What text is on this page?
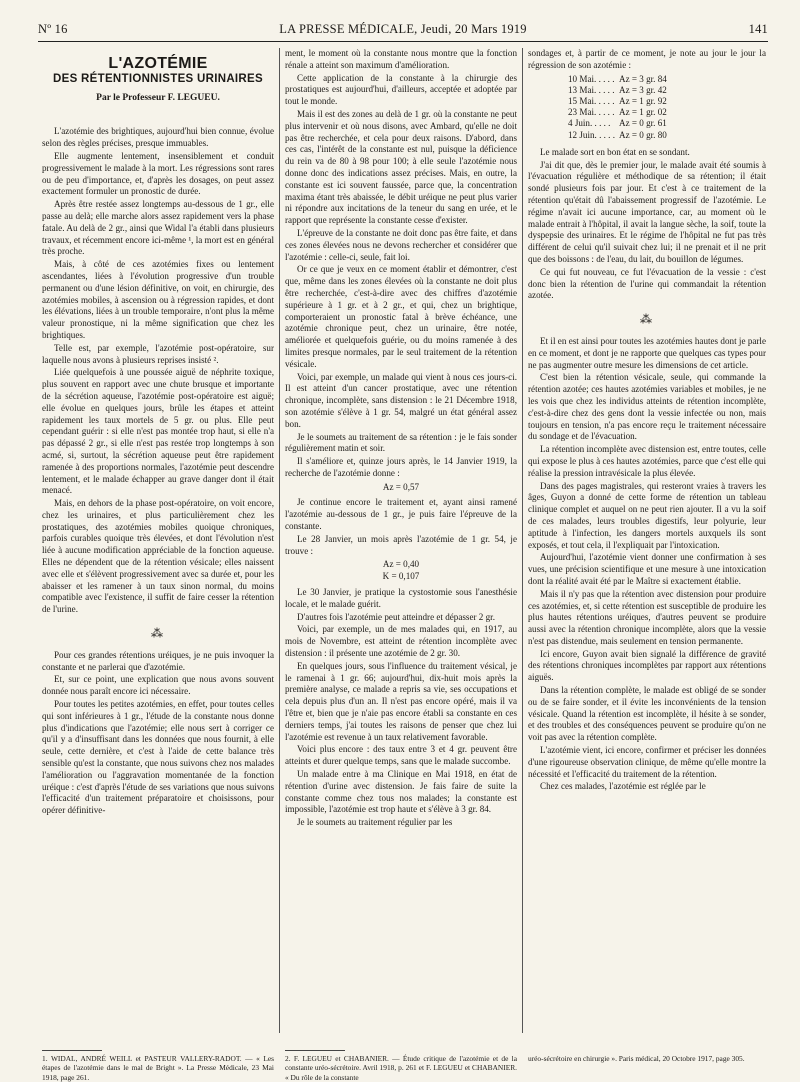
Nº 16	LA PRESSE MÉDICALE, Jeudi, 20 Mars 1919	141
L'AZOTÉMIE
DES RÉTENTIONNISTES URINAIRES
Par le Professeur F. LEGUEU.

L'azotémie des brightiques, aujourd'hui bien connue, évolue selon des règles précises, presque immuables.

Elle augmente lentement, insensiblement et conduit progressivement le malade à la mort. Les régressions sont rares ou de peu d'importance, et, d'après les dosages, on peut assez exactement formuler un pronostic de durée.

Après être restée assez longtemps au-dessous de 1 gr., elle passe au delà; elle marche alors assez rapidement vers la phase fatale. Au delà de 2 gr., ainsi que Widal l'a établi dans plusieurs travaux, et récemment encore ici-même ¹, la mort est en général très proche.

Mais, à côté de ces azotémies fixes ou lentement ascendantes, liées à l'évolution progressive d'un trouble permanent ou d'une lésion définitive, on voit, en chirurgie, des azotémies mobiles, à ascension ou à régression rapides, et dont les élévations, liées à un trouble temporaire, n'ont plus la même valeur pronostique, ni la même signification que chez les brightiques.

Telle est, par exemple, l'azotémie post-opératoire, sur laquelle nous avons à plusieurs reprises insisté ².

Liée quelquefois à une poussée aiguë de néphrite toxique, plus souvent en rapport avec une chute brusque et importante de la sécrétion aqueuse, l'azotémie post-opératoire est aiguë; elle évolue en quelques jours, brûle les étapes et atteint rapidement les taux mortels de 5 gr. ou plus. Elle peut cependant guérir : si elle n'est pas montée trop haut, si elle n'a pas dépassé 2 gr., si elle n'est pas restée trop longtemps à son acmé, si, surtout, la sécrétion aqueuse peut être rapidement ramenée à des proportions normales, l'azotémie peut descendre lentement, et le malade échapper au grave danger dont il était menacé.

Mais, en dehors de la phase post-opératoire, on voit encore, chez les urinaires, et plus particulièrement chez les prostatiques, des azotémies mobiles quoique chroniques, parfois curables quoique très élevées, et dont l'évolution n'est liée à aucune modification appréciable de la fonction aqueuse. Elles ne dépendent que de la rétention vésicale; elles naissent avec elle et s'élèvent progressivement avec sa durée et, pour les abaisser et les ramener à un taux sinon normal, du moins compatible avec l'existence, il suffit de faire cesser la rétention de l'urine.

⁂

Pour ces grandes rétentions uréiques, je ne puis invoquer la constante et ne parlerai que d'azotémie.

Et, sur ce point, une explication que nous avons souvent donnée nous paraît encore ici nécessaire.

Pour toutes les petites azotémies, en effet, pour toutes celles qui sont inférieures à 1 gr., l'étude de la constante nous donne plus d'indications que l'azotémie; elle nous sert à corriger ce qu'il y a d'insuffisant dans les données que nous fournit, à elle seule, cette dernière, et c'est à l'aide de cette balance très sensible qu'est la constante, que nous suivons chez nos malades l'amélioration ou l'aggravation momentanée de la fonction uréique : c'est d'après l'étude de ses variations que nous suivons l'efficacité d'un traitement préparatoire et choisissons, pour opérer définitive-

ment, le moment où la constante nous montre que la fonction rénale a atteint son maximum d'amélioration.

Cette application de la constante à la chirurgie des prostatiques est aujourd'hui, d'ailleurs, acceptée et adoptée par tout le monde.

Mais il est des zones au delà de 1 gr. où la constante ne peut plus intervenir et où nous disons, avec Ambard, qu'elle ne doit pas être recherchée, et cela pour deux raisons. D'abord, dans ces cas, l'intérêt de la constante est nul, puisque la déficience du rein va de 80 à 98 pour 100; à elle seule l'azotémie nous donne donc des indications assez précises. Mais, en outre, la constante est ici souvent faussée, parce que, la concentration maxima étant très abaissée, le débit uréique ne peut plus varier ni répondre aux incitations de la teneur du sang en urée, et le rapport que représente la constante cesse d'exister.

L'épreuve de la constante ne doit donc pas être faite, et dans ces zones élevées nous ne devons rechercher et considérer que l'azotémie : celle-ci, seule, fait loi.

Or ce que je veux en ce moment établir et démontrer, c'est que, même dans les zones élevées où la constante ne doit plus être recherchée, c'est-à-dire avec des chiffres d'azotémie supérieure à 1 gr. et à 2 gr., et qui, chez un brightique, comporteraient un pronostic fatal à brève échéance, une azotémie chronique peut, chez un urinaire, être notée, améliorée et quelquefois guérie, ou du moins ramenée à des limites presque normales, par le seul traitement de la rétention vésicale.

Voici, par exemple, un malade qui vient à nous ces jours-ci. Il est atteint d'un cancer prostatique, avec une rétention chronique, incomplète, sans distension : le 21 Décembre 1918, son azotémie s'élève à 1 gr. 54, malgré un état général assez bon.

Je le soumets au traitement de sa rétention : je le fais sonder régulièrement matin et soir.

Il s'améliore et, quinze jours après, le 14 Janvier 1919, la recherche de l'azotémie donne :

Az = 0,57

Je continue encore le traitement et, ayant ainsi ramené l'azotémie au-dessous de 1 gr., je puis faire l'épreuve de la constante.

Le 28 Janvier, un mois après l'azotémie de 1 gr. 54, je trouve :

Az = 0,40
K = 0,107

Le 30 Janvier, je pratique la cystostomie sous l'anesthésie locale, et le malade guérit.

D'autres fois l'azotémie peut atteindre et dépasser 2 gr.

Voici, par exemple, un de mes malades qui, en 1917, au mois de Novembre, est atteint de rétention incomplète avec distension : il présente une azotémie de 2 gr. 30.

En quelques jours, sous l'influence du traitement vésical, je le ramenai à 1 gr. 66; aujourd'hui, dix-huit mois après la première analyse, ce malade a repris sa vie, ses occupations et cela depuis plus d'un an. Il n'est pas encore opéré, mais il va l'être et, bien que je n'aie pas encore établi sa constante en ces derniers temps, j'ai toutes les raisons de penser que chez lui l'azotémie est revenue à un taux relativement favorable.

Voici plus encore : des taux entre 3 et 4 gr. peuvent être atteints et durer quelque temps, sans que le malade succombe.

Un malade entre à ma Clinique en Mai 1918, en état de rétention d'urine avec distension. Je fais faire de suite la constante comme chez tous nos malades; la constante est impossible, l'azotémie est trop haute et s'élève à 3 gr. 84.

Je le soumets au traitement régulier par les

sondages et, à partir de ce moment, je note au jour le jour la régression de son azotémie :

10 Mai. . . . .	Az = 3 gr. 84
13 Mai. . . . .	Az = 3 gr. 42
15 Mai. . . . .	Az = 1 gr. 92
23 Mai. . . . .	Az = 1 gr. 02
4 Juin. . . . .	Az = 0 gr. 61
12 Juin. . . . .	Az = 0 gr. 80

Le malade sort en bon état en se sondant.

J'ai dit que, dès le premier jour, le malade avait été soumis à l'évacuation régulière et méthodique de sa rétention; il était sondé plusieurs fois par jour. Et c'est à ce traitement de la rétention qu'était dû l'abaissement progressif de l'azotémie. Le régime n'avait ici aucune importance, car, au moment où le malade entrait à l'hôpital, il avait la langue sèche, la soif, toute la dyspepsie des urinaires. Et le régime de l'hôpital ne fut pas très différent de celui qu'il suivait chez lui; il ne prenait et il ne prit que des boissons : de l'eau, du lait, du bouillon de légumes.

Ce qui fut nouveau, ce fut l'évacuation de la vessie : c'est donc bien la rétention de l'urine qui commandait la rétention azotée.

⁂

Et il en est ainsi pour toutes les azotémies hautes dont je parle en ce moment, et dont je ne rapporte que quelques cas types pour ne pas augmenter outre mesure les dimensions de cet article.

C'est bien la rétention vésicale, seule, qui commande la rétention azotée; ces hautes azotémies variables et mobiles, je ne les vois que chez les individus atteints de rétention incomplète, c'est-à-dire chez des gens dont la vessie infectée ou non, mais toujours en tension, n'a pas encore reçu le traitement nécessaire du sondage et de l'évacuation.

La rétention incomplète avec distension est, entre toutes, celle qui expose le plus à ces hautes azotémies, parce que c'est elle qui réalise la pression intravésicale la plus élevée.

Dans des pages magistrales, qui resteront vraies à travers les âges, Guyon a donné de cette forme de rétention un tableau clinique complet et auquel on ne peut rien ajouter. Il a vu la soif de ces malades, leurs troubles digestifs, leur polyurie, leur aptitude à l'infection, les dangers mortels auxquels ils sont exposés, et tout cela, il l'expliquait par l'intoxication.

Aujourd'hui, l'azotémie vient donner une confirmation à ses vues, une précision scientifique et une mesure à une intoxication dont la réalité avait été par le Maître si exactement établie.

Mais il n'y pas que la rétention avec distension pour produire ces azotémies, et, si cette rétention est susceptible de produire les plus hautes rétentions uréiques, d'autres peuvent se produire aussi avec la rétention chronique incomplète, alors que la vessie n'est pas distendue, mais seulement en tension permanente.

Ici encore, Guyon avait bien signalé la différence de gravité des rétentions chroniques incomplètes par rapport aux rétentions aiguës.

Dans la rétention complète, le malade est obligé de se sonder ou de se faire sonder, et il évite les inconvénients de la tension vésicale. Quand la rétention est incomplète, il hésite à se sonder, et des troubles et des conséquences peuvent se produire qu'on ne voit pas avec la rétention complète.

L'azotémie vient, ici encore, confirmer et préciser les données d'une rigoureuse observation clinique, de même qu'elle montre la nécessité et l'efficacité du traitement de la rétention.

Chez ces malades, l'azotémie est réglée par le

1. WIDAL, ANDRÉ WEILL et PASTEUR VALLERY-RADOT. — « Les étapes de l'azotémie dans le mal de Bright ». La Presse Médicale, 23 Mai 1918, page 261.
2. F. LEGUEU et CHABANIER. — Étude critique de l'azotémie et de la constante uréo-sécrétoire. Avril 1918, p. 261 et F. LEGUEU et CHABANIER. « Du rôle de la constante
uréo-sécrétoire en chirurgie ». Paris médical, 20 Octobre 1917, page 305.
